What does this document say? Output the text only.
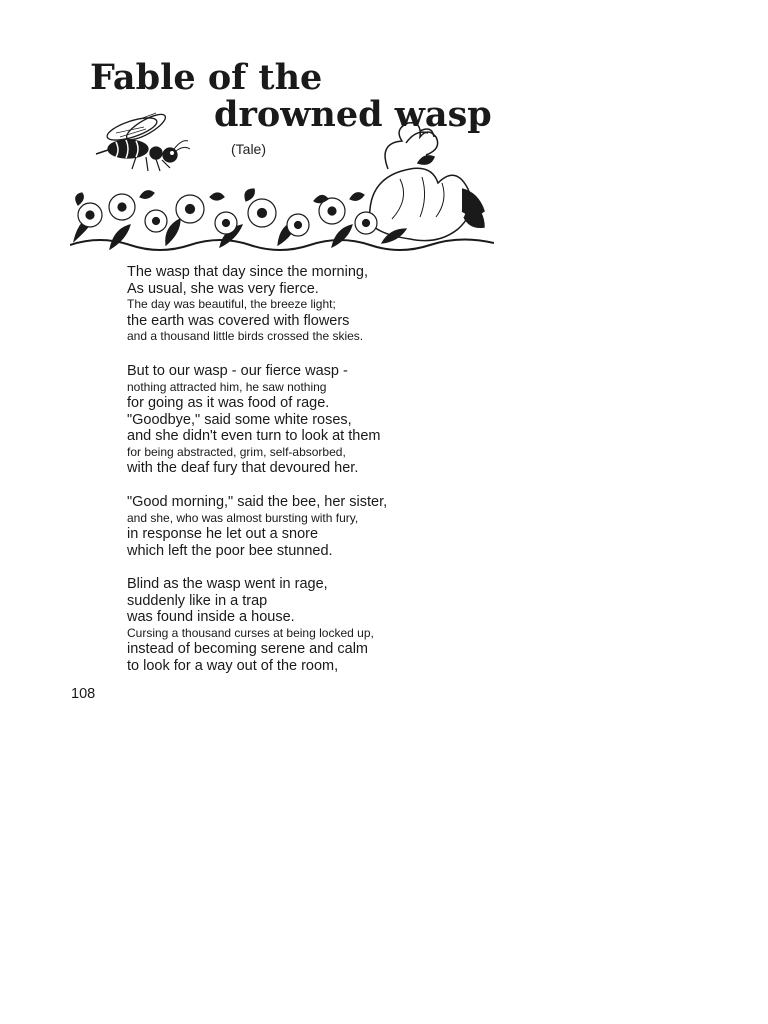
Fable of the
drowned wasp
(Tale)
The wasp that day since the morning,
As usual, she was very fierce.
The day was beautiful, the breeze light;
the earth was covered with flowers
and a thousand little birds crossed the skies.
But to our wasp - our fierce wasp -
nothing attracted him, he saw nothing
for going as it was food of rage.
"Goodbye," said some white roses,
and she didn't even turn to look at them
for being abstracted, grim, self-absorbed,
with the deaf fury that devoured her.
"Good morning," said the bee, her sister,
and she, who was almost bursting with fury,
in response he let out a snore
which left the poor bee stunned.
Blind as the wasp went in rage,
suddenly like in a trap
was found inside a house.
Cursing a thousand curses at being locked up,
instead of becoming serene and calm
to look for a way out of the room,
108
